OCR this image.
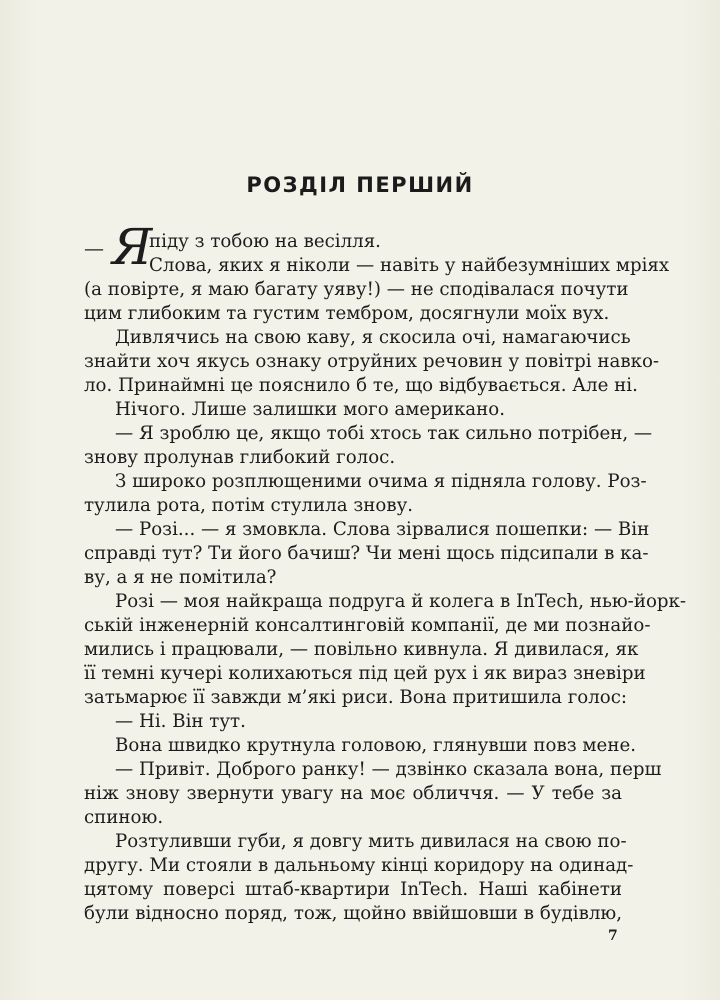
РОЗДІЛ ПЕРШИЙ
— Я
піду з тобою на весілля.
Слова, яких я ніколи — навіть у найбезумніших мріях
(а повірте, я маю багату уяву!) — не сподівалася почути
цим глибоким та густим тембром, досягнули моїх вух.
Дивлячись на свою каву, я скосила очі, намагаючись
знайти хоч якусь ознаку отруйних речовин у повітрі навко-
ло. Принаймні це пояснило б те, що відбувається. Але ні.
Нічого. Лише залишки мого американо.
— Я зроблю це, якщо тобі хтось так сильно потрібен, —
знову пролунав глибокий голос.
З широко розплющеними очима я підняла голову. Роз-
тулила рота, потім стулила знову.
— Розі... — я змовкла. Слова зірвалися пошепки: — Він
справді тут? Ти його бачиш? Чи мені щось підсипали в ка-
ву, а я не помітила?
Розі — моя найкраща подруга й колега в InTech, нью-йорк-
ській інженерній консалтинговій компанії, де ми познайо-
мились і працювали, — повільно кивнула. Я дивилася, як
її темні кучері колихаються під цей рух і як вираз зневіри
затьмарює її завжди м’які риси. Вона притишила голос:
— Ні. Він тут.
Вона швидко крутнула головою, глянувши повз мене.
— Привіт. Доброго ранку! — дзвінко сказала вона, перш
ніж знову звернути увагу на моє обличчя. — У тебе за
спиною.
Розтуливши губи, я довгу мить дивилася на свою по-
другу. Ми стояли в дальньому кінці коридору на одинад-
цятому поверсі штаб-квартири InTech. Наші кабінети
були відносно поряд, тож, щойно ввійшовши в будівлю,
7
